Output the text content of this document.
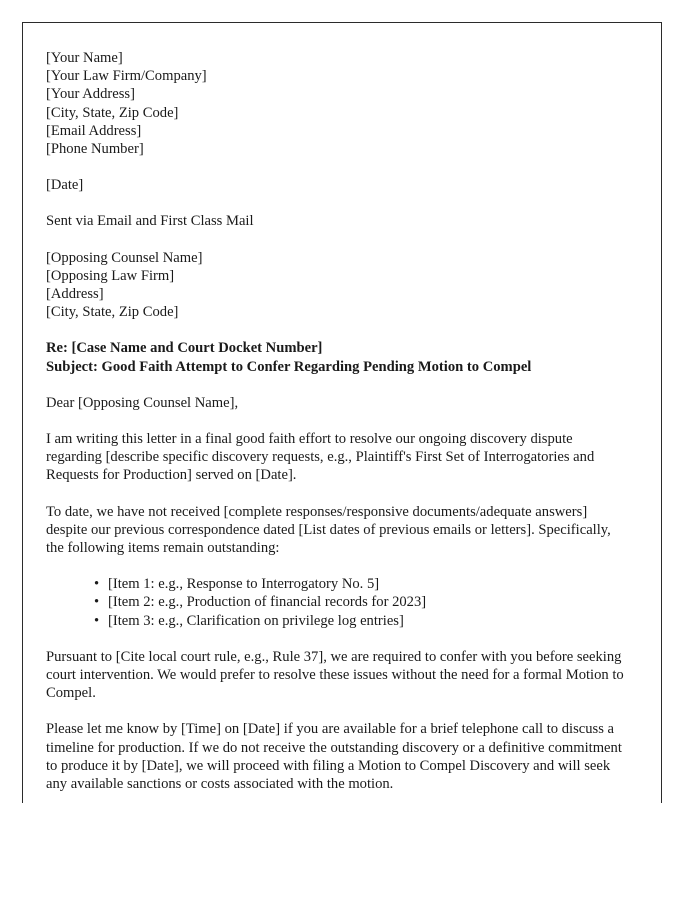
[Your Name]
[Your Law Firm/Company]
[Your Address]
[City, State, Zip Code]
[Email Address]
[Phone Number]
[Date]
Sent via Email and First Class Mail
[Opposing Counsel Name]
[Opposing Law Firm]
[Address]
[City, State, Zip Code]
Re: [Case Name and Court Docket Number]
Subject: Good Faith Attempt to Confer Regarding Pending Motion to Compel
Dear [Opposing Counsel Name],

I am writing this letter in a final good faith effort to resolve our ongoing discovery dispute regarding [describe specific discovery requests, e.g., Plaintiff's First Set of Interrogatories and Requests for Production] served on [Date].

To date, we have not received [complete responses/responsive documents/adequate answers] despite our previous correspondence dated [List dates of previous emails or letters]. Specifically, the following items remain outstanding:

• [Item 1: e.g., Response to Interrogatory No. 5]
• [Item 2: e.g., Production of financial records for 2023]
• [Item 3: e.g., Clarification on privilege log entries]

Pursuant to [Cite local court rule, e.g., Rule 37], we are required to confer with you before seeking court intervention. We would prefer to resolve these issues without the need for a formal Motion to Compel.

Please let me know by [Time] on [Date] if you are available for a brief telephone call to discuss a timeline for production. If we do not receive the outstanding discovery or a definitive commitment to produce it by [Date], we will proceed with filing a Motion to Compel Discovery and will seek any available sanctions or costs associated with the motion.
